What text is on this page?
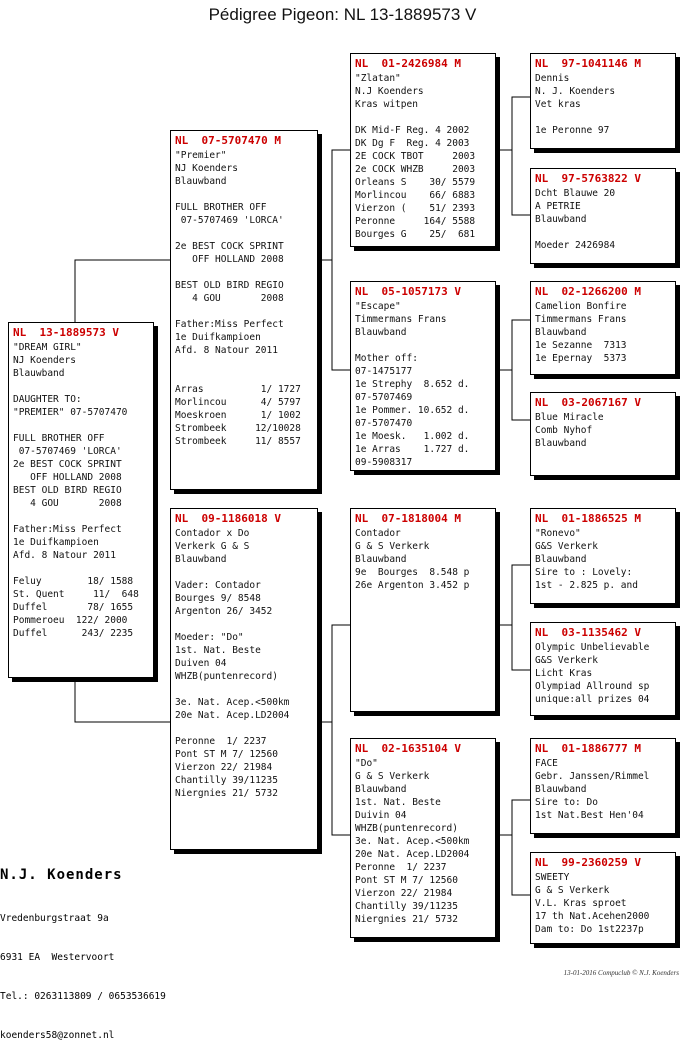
Pédigree Pigeon: NL 13-1889573 V
NL  13-1889573 V
"DREAM GIRL"
NJ Koenders
Blauwband
DAUGHTER TO:
"PREMIER" 07-5707470
FULL BROTHER OFF
07-5707469 'LORCA'
2e BEST COCK SPRINT
OFF HOLLAND 2008
BEST OLD BIRD REGIO
4 GOU       2008
Father:Miss Perfect
1e Duifkampioen
Afd. 8 Natour 2011
Feluy        18/ 1588
St. Quent     11/  648
Duffel       78/ 1655
Pommeroeu  122/ 2000
Duffel      243/ 2235
NL  07-5707470 M
"Premier"
NJ Koenders
Blauwband
FULL BROTHER OFF
07-5707469 'LORCA'
2e BEST COCK SPRINT
OFF HOLLAND 2008
BEST OLD BIRD REGIO
4 GOU       2008
Father:Miss Perfect
1e Duifkampioen
Afd. 8 Natour 2011
Arras          1/ 1727
Morlincou      4/ 5797
Moeskroen      1/ 1002
Strombeek     12/10028
Strombeek     11/ 8557
NL  09-1186018 V
Contador x Do
Verkerk G & S
Blauwband
Vader: Contador
Bourges 9/ 8548
Argenton 26/ 3452
Moeder: "Do"
1st. Nat. Beste
Duiven 04
WHZB(puntenrecord)
3e. Nat. Acep.<500km
20e Nat. Acep.LD2004
Peronne  1/ 2237
Pont ST M 7/ 12560
Vierzon 22/ 21984
Chantilly 39/11235
Niergnies 21/ 5732
NL  01-2426984 M
"Zlatan"
N.J Koenders
Kras witpen
DK Mid-F Reg. 4 2002
DK Dg F  Reg. 4 2003
2E COCK TBOT     2003
2e COCK WHZB     2003
Orleans S    30/ 5579
Morlincou    66/ 6883
Vierzon (    51/ 2393
Peronne     164/ 5588
Bourges G    25/  681
NL  05-1057173 V
"Escape"
Timmermans Frans
Blauwband
Mother off:
07-1475177
1e Strephy  8.652 d.
07-5707469
1e Pommer. 10.652 d.
07-5707470
1e Moesk.   1.002 d.
1e Arras    1.727 d.
09-5908317
NL  07-1818004 M
Contador
G & S Verkerk
Blauwband
9e  Bourges  8.548 p
26e Argenton 3.452 p
NL  02-1635104 V
"Do"
G & S Verkerk
Blauwband
1st. Nat. Beste
Duivin 04
WHZB(puntenrecord)
3e. Nat. Acep.<500km
20e Nat. Acep.LD2004
Peronne  1/ 2237
Pont ST M 7/ 12560
Vierzon 22/ 21984
Chantilly 39/11235
Niergnies 21/ 5732
NL  97-1041146 M
Dennis
N. J. Koenders
Vet kras
1e Peronne 97
NL  97-5763822 V
Dcht Blauwe 20
A PETRIE
Blauwband
Moeder 2426984
NL  02-1266200 M
Camelion Bonfire
Timmermans Frans
Blauwband
1e Sezanne  7313
1e Epernay  5373
NL  03-2067167 V
Blue Miracle
Comb Nyhof
Blauwband
NL  01-1886525 M
"Ronevo"
G&S Verkerk
Blauwband
Sire to : Lovely:
1st - 2.825 p. and
NL  03-1135462 V
Olympic Unbelievable
G&S Verkerk
Licht Kras
Olympiad Allround sp
unique:all prizes 04
NL  01-1886777 M
FACE
Gebr. Janssen/Rimmel
Blauwband
Sire to: Do
1st Nat.Best Hen'04
NL  99-2360259 V
SWEETY
G & S Verkerk
V.L. Kras sproet
17 th Nat.Acehen2000
Dam to: Do 1st2237p
N.J. Koenders

Vredenburgstraat 9a

6931 EA  Westervoort

Tel.: 0263113809 / 0653536619

koenders58@zonnet.nl

13-01-2016 Compuclub © N.J. Koenders
